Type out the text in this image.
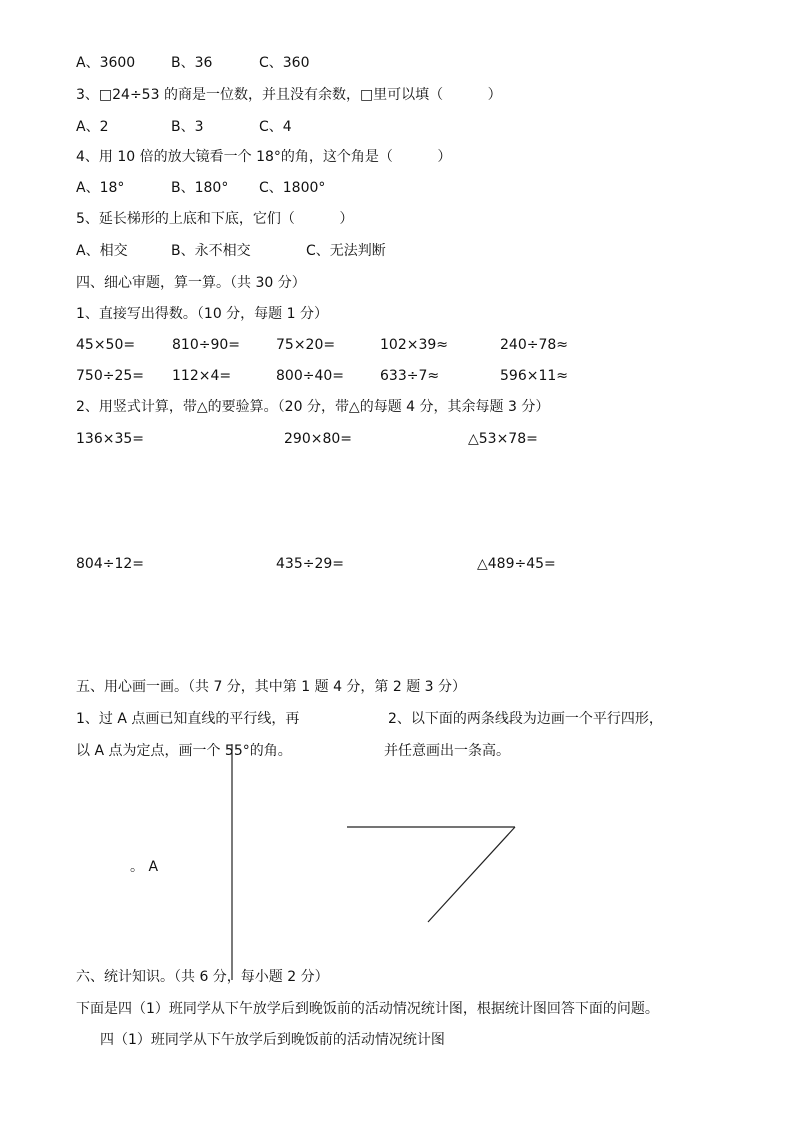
A、3600	B、36	C、360
3、□24÷53 的商是一位数，并且没有余数，□里可以填（          ）
A、2	B、3	C、4
4、用 10 倍的放大镜看一个 18°的角，这个角是（          ）
A、18°	B、180° C、1800°
5、延长梯形的上底和下底，它们（          ）
A、相交	B、永不相交	C、无法判断
四、细心审题，算一算。（共 30 分）
1、直接写出得数。（10 分，每题 1 分）
45×50=	810÷90=	75×20=	102×39≈	240÷78≈
750÷25= 112×4=	800÷40=	633÷7≈	596×11≈
2、用竖式计算，带△的要验算。（20 分，带△的每题 4 分，其余每题 3 分）
136×35=	290×80=	△53×78=
804÷12=	435÷29=	△489÷45=
五、用心画一画。（共 7 分，其中第 1 题 4 分，第 2 题 3 分）
1、过 A 点画已知直线的平行线，再	2、以下面的两条线段为边画一个平行四形，
以 A 点为定点，画一个 55°的角。	并任意画出一条高。
。 A
六、统计知识。（共 6 分，每小题 2 分）
下面是四（1）班同学从下午放学后到晚饭前的活动情况统计图，根据统计图回答下面的问题。
四（1）班同学从下午放学后到晚饭前的活动情况统计图
